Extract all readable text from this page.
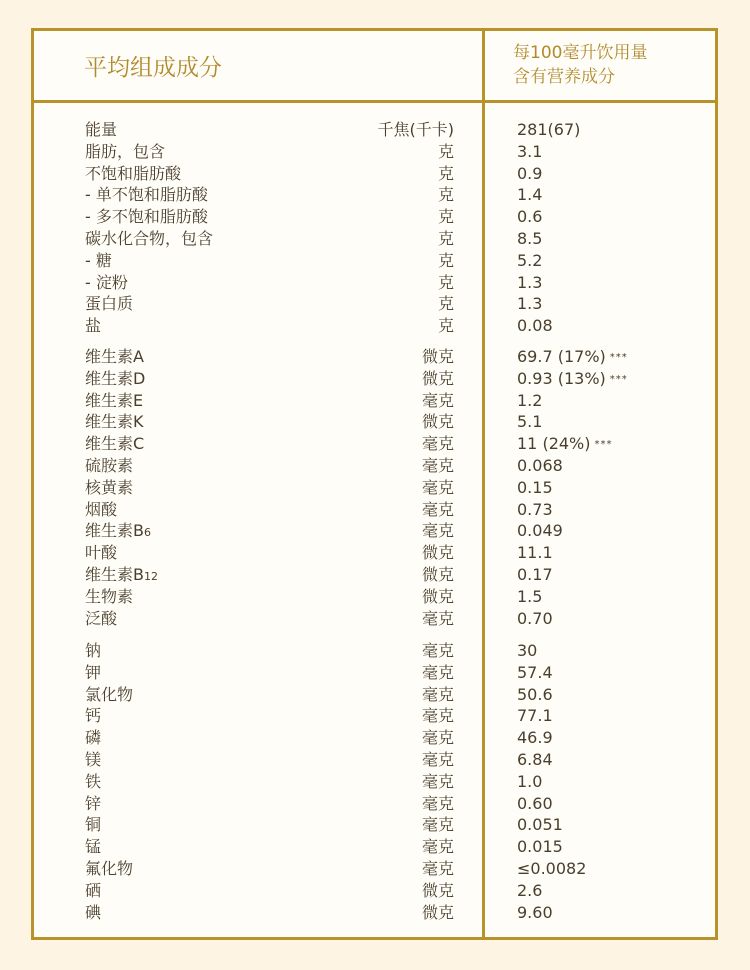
平均组成成分
每100毫升饮用量
含有营养成分
能量	千焦(千卡)	281(67)
脂肪，包含	克	3.1
不饱和脂肪酸	克	0.9
- 单不饱和脂肪酸	克	1.4
- 多不饱和脂肪酸	克	0.6
碳水化合物，包含	克	8.5
- 糖	克	5.2
- 淀粉	克	1.3
蛋白质	克	1.3
盐	克	0.08
维生素A	微克	69.7 (17%) ***
维生素D	微克	0.93 (13%) ***
维生素E	毫克	1.2
维生素K	微克	5.1
维生素C	毫克	11 (24%) ***
硫胺素	毫克	0.068
核黄素	毫克	0.15
烟酸	毫克	0.73
维生素B6	毫克	0.049
叶酸	微克	11.1
维生素B12	微克	0.17
生物素	微克	1.5
泛酸	毫克	0.70
钠	毫克	30
钾	毫克	57.4
氯化物	毫克	50.6
钙	毫克	77.1
磷	毫克	46.9
镁	毫克	6.84
铁	毫克	1.0
锌	毫克	0.60
铜	毫克	0.051
锰	毫克	0.015
氟化物	毫克	≤0.0082
硒	微克	2.6
碘	微克	9.60
